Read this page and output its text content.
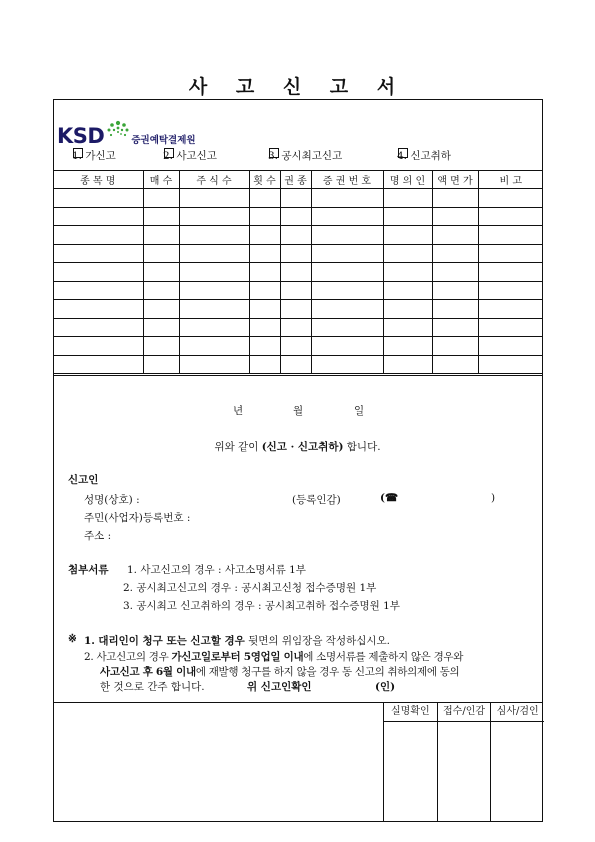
사 고 신 고 서
KSD	증권예탁결제원
1. 가신고	2. 사고신고	3. 공시최고신고	4. 신고취하
종 목 명	매 수	주 식 수	횟 수	권 종	증 권 번 호	명 의 인	액 면 가	비 고

년	월	일
위와 같이 (신고 · 신고취하) 합니다.
신고인
성명(상호) :	(등록인감)	(☎	)
주민(사업자)등록번호 :
주소 :
첨부서류 1. 사고신고의 경우 : 사고소명서류 1부
2. 공시최고신고의 경우 : 공시최고신청 접수증명원 1부
3. 공시최고 신고취하의 경우 : 공시최고취하 접수증명원 1부
※ 1. 대리인이 청구 또는 신고할 경우 뒷면의 위임장을 작성하십시오.
2. 사고신고의 경우 가신고일로부터 5영업일 이내에 소명서류를 제출하지 않은 경우와
사고신고 후 6월 이내에 재발행 청구를 하지 않을 경우 동 신고의 취하의제에 동의
한 것으로 간주 합니다.	위 신고인확인	(인)
실명확인	접수/인감	심사/검인
